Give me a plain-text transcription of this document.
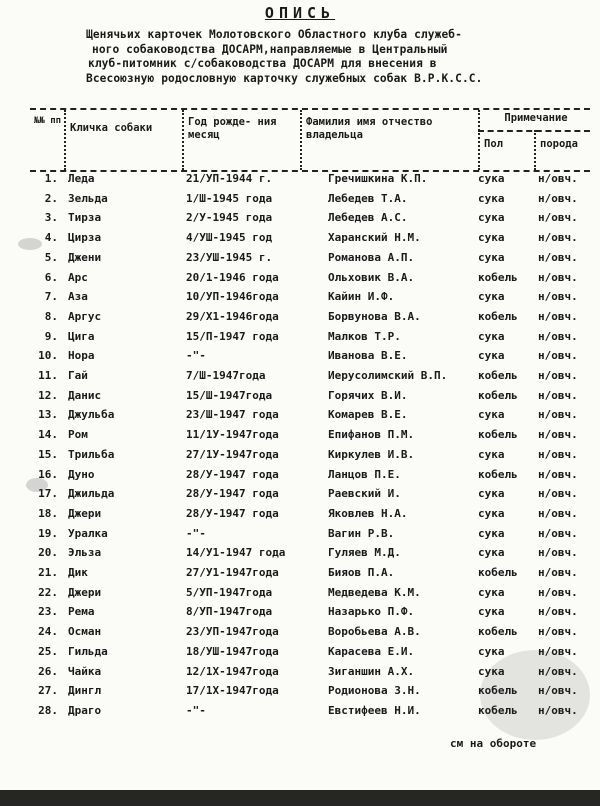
ОПИСЬ
Щенячьих карточек Молотовского Областного клуба служеб-
ного собаководства ДОСАРМ,направляемые в Центральный
клуб-питомник с/собаководства ДОСАРМ для внесения в
Всесоюзную родословную карточку служебных собак В.Р.К.С.С.
№№ пп
Кличка собаки	Год рожде- ния месяц
Фамилия имя отчество владельца
Примечание
Пол	порода
1. Леда	21/УП-1944 г.	Гречишкина К.П.	сука	н/овч.
2. Зельда	1/Ш-1945 года	Лебедев Т.А.	сука	н/овч.
3. Тирза	2/У-1945 года	Лебедев А.С.	сука	н/овч.
4. Цирза	4/УШ-1945 год	Харанский Н.М.	сука	н/овч.
5. Джени	23/УШ-1945 г.	Романова А.П.	сука	н/овч.
6. Арс	20/1-1946 года	Ольховик В.А.	кобель	н/овч.
7. Аза	10/УП-1946года	Кайин И.Ф.	сука	н/овч.
8. Аргус	29/Х1-1946года	Борвунова В.А.	кобель	н/овч.
9. Цига	15/П-1947 года	Малков Т.Р.	сука	н/овч.
10. Нора	-"-	Иванова В.Е.	сука	н/овч.
11. Гай	7/Ш-1947года	Иерусолимский В.П.	кобель	н/овч.
12. Данис	15/Ш-1947года	Горячих В.И.	кобель	н/овч.
13. Джульба	23/Ш-1947 года	Комарев В.Е.	сука	н/овч.
14. Ром	11/1У-1947года	Епифанов П.М.	кобель	н/овч.
15. Трильба	27/1У-1947года	Киркулев И.В.	сука	н/овч.
16. Дуно	28/У-1947 года	Ланцов П.Е.	кобель	н/овч.
17. Джильда	28/У-1947 года	Раевский И.	сука	н/овч.
18. Джери	28/У-1947 года	Яковлев Н.А.	сука	н/овч.
19. Уралка	-"-	Вагин Р.В.	сука	н/овч.
20. Эльза	14/У1-1947 года	Гуляев М.Д.	сука	н/овч.
21. Дик	27/У1-1947года	Бияов П.А.	кобель	н/овч.
22. Джери	5/УП-1947года	Медведева К.М.	сука	н/овч.
23. Рема	8/УП-1947года	Назарько П.Ф.	сука	н/овч.
24. Осман	23/УП-1947года	Воробьева А.В.	кобель	н/овч.
25. Гильда	18/УШ-1947года	Карасева Е.И.	сука	н/овч.
26. Чайка	12/1Х-1947года	Зиганшин А.Х.	сука	н/овч.
27. Дингл	17/1Х-1947года	Родионова З.Н.	кобель	н/овч.
28. Драго	-"-	Евстифеев Н.И.	кобель	н/овч.
см на обороте
